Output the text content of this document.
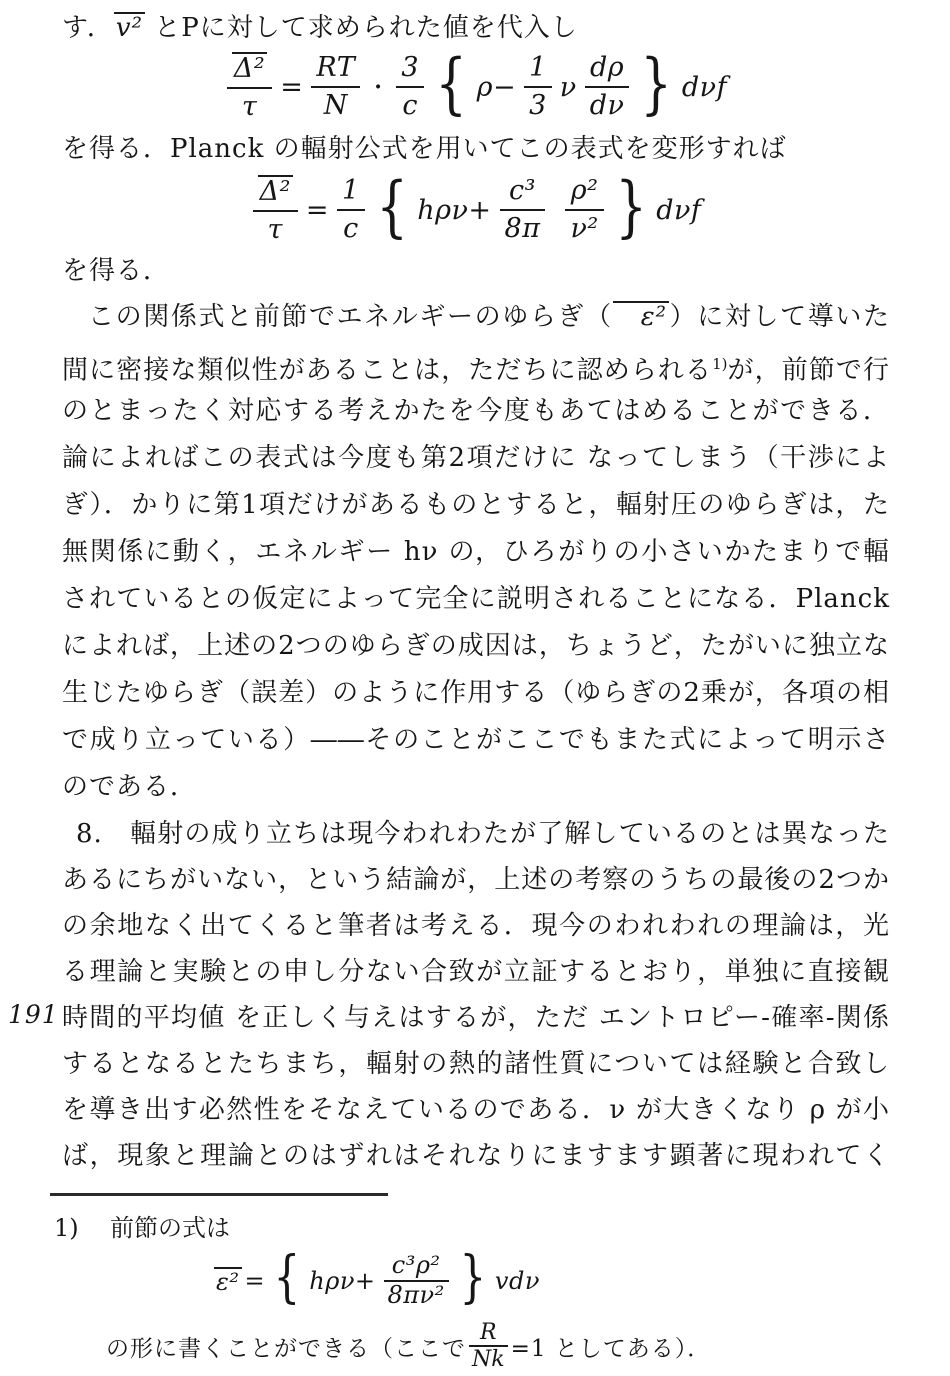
191
す．v² とPに対して求められた値を代入し
$\frac{\text{Δ²}}{\tau} = \frac{RT}{N} \cdot \frac{3}{c}$ { $\rho- \frac{1}{3}$ ν $\frac{d\rho}{d\nu}$ } dνf
を得る．Planck の輻射公式を用いてこの表式を変形すれば
$\frac{\text{Δ²}}{\tau} = \frac{1}{c}$ { $h\rho\nu+ \frac{\text{c³}}{8\pi} \frac{\text{ρ²}}{\text{ν²}}$ } dνf
を得る．
この関係式と前節でエネルギーのゆらぎ（ ε²）に対して導いた
間に密接な類似性があることは，ただちに認められる$^{1)}$が，前節で行
のとまったく対応する考えかたを今度もあてはめることができる．
論によればこの表式は今度も第2項だけに なってしまう（干渉によ
ぎ）．かりに第1項だけがあるものとすると，輻射圧のゆらぎは，た
無関係に動く，エネルギー hν の，ひろがりの小さいかたまりで輻
されているとの仮定によって完全に説明されることになる．Planck
によれば，上述の2つのゆらぎの成因は，ちょうど，たがいに独立な
生じたゆらぎ（誤差）のように作用する（ゆらぎの2乗が，各項の相
で成り立っている）――そのことがここでもまた式によって明示さ
のである．
8.　輻射の成り立ちは現今われわたが了解しているのとは異なった
あるにちがいない，という結論が，上述の考察のうちの最後の2つか
の余地なく出てくると筆者は考える．現今のわれわれの理論は，光
る理論と実験との申し分ない合致が立証するとおり，単独に直接観
時間的平均値 を正しく与えはするが，ただ エントロピー-確率-関係
するとなるとたちまち，輻射の熱的諸性質については経験と合致し
を導き出す必然性をそなえているのである．ν が大きくなり ρ が小
ば，現象と理論とのはずれはそれなりにますます顕著に現われてく
1)	前節の式は
ε² = { $h\rho\nu+ \frac{\text{c³ρ²}}{\text{8πν²}}$ } vdν
の形に書くことができる（ここで $\frac{R}{Nk} =1$ としてある）．
